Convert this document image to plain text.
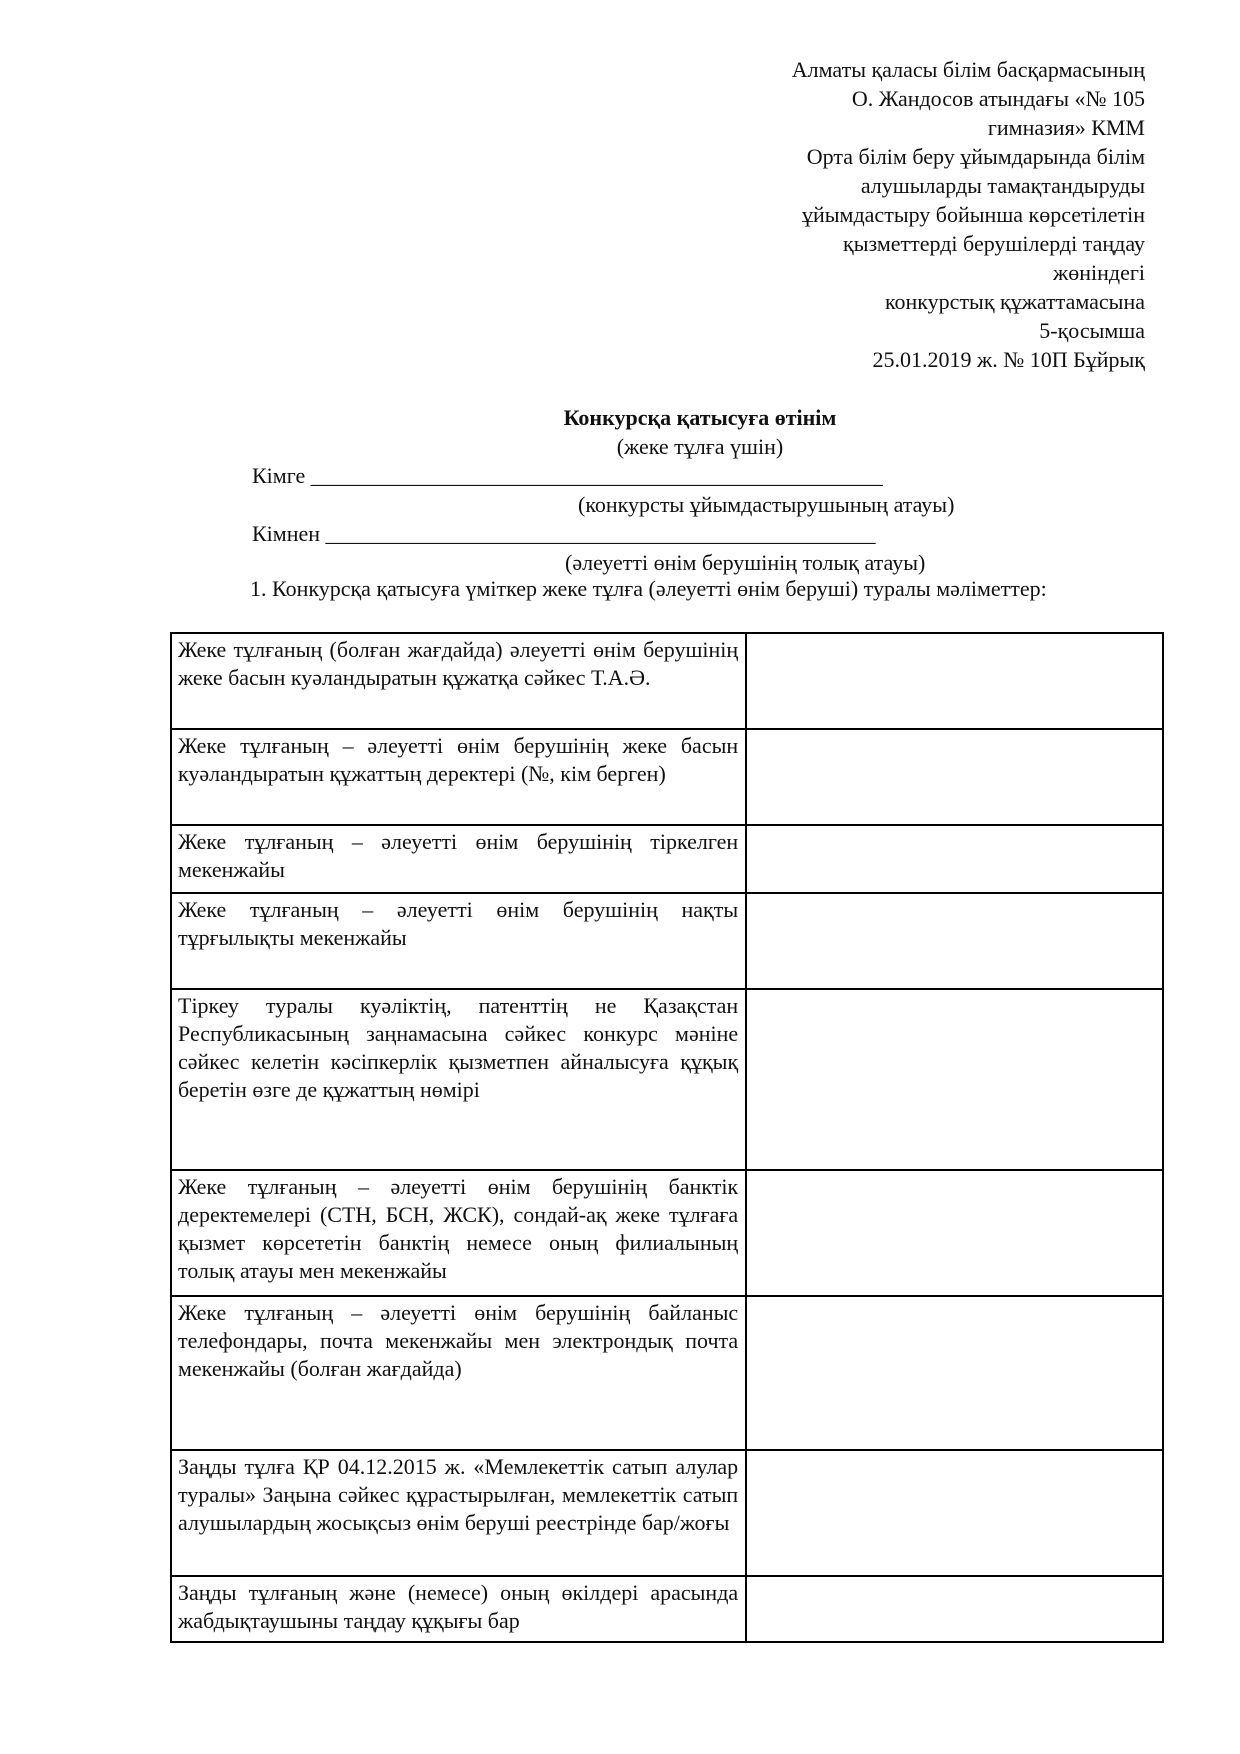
Алматы қаласы білім басқармасының
О. Жандосов атындағы «№ 105
гимназия» КММ
Орта білім беру ұйымдарында білім
алушыларды тамақтандыруды
ұйымдастыру бойынша көрсетілетін
қызметтерді берушілерді таңдау
жөніндегі
конкурстық құжаттамасына
5-қосымша
25.01.2019 ж. № 10П Бұйрық
Конкурсқа қатысуға өтінім
(жеке тұлға үшін)
Кімге ____________________________________________________
(конкурсты ұйымдастырушының атауы)
Кімнен __________________________________________________
(әлеуетті өнім берушінің толық атауы)
1. Конкурсқа қатысуға үміткер жеке тұлға (әлеуетті өнім беруші) туралы мәліметтер:
Жеке тұлғаның (болған жағдайда) әлеуетті өнім берушінің жеке басын куәландыратын құжатқа сәйкес Т.А.Ә.	
Жеке тұлғаның – әлеуетті өнім берушінің жеке басын куәландыратын құжаттың деректері (№, кім берген)	
Жеке тұлғаның – әлеуетті өнім берушінің тіркелген мекенжайы	
Жеке тұлғаның – әлеуетті өнім берушінің нақты тұрғылықты мекенжайы	
Тіркеу туралы куәліктің, патенттің не Қазақстан Республикасының заңнамасына сәйкес конкурс мәніне сәйкес келетін кәсіпкерлік қызметпен айналысуға құқық беретін өзге де құжаттың нөмірі	
Жеке тұлғаның – әлеуетті өнім берушінің банктік деректемелері (СТН, БСН, ЖСК), сондай-ақ жеке тұлғаға қызмет көрсететін банктің немесе оның филиалының толық атауы мен мекенжайы	
Жеке тұлғаның – әлеуетті өнім берушінің байланыс телефондары, почта мекенжайы мен электрондық почта мекенжайы (болған жағдайда)	
Заңды тұлға ҚР 04.12.2015 ж. «Мемлекеттік сатып алулар туралы» Заңына сәйкес құрастырылған, мемлекеттік сатып алушылардың жосықсыз өнім беруші реестрінде бар/жоғы	
Заңды тұлғаның және (немесе) оның өкілдері арасында жабдықтаушыны таңдау құқығы бар	
